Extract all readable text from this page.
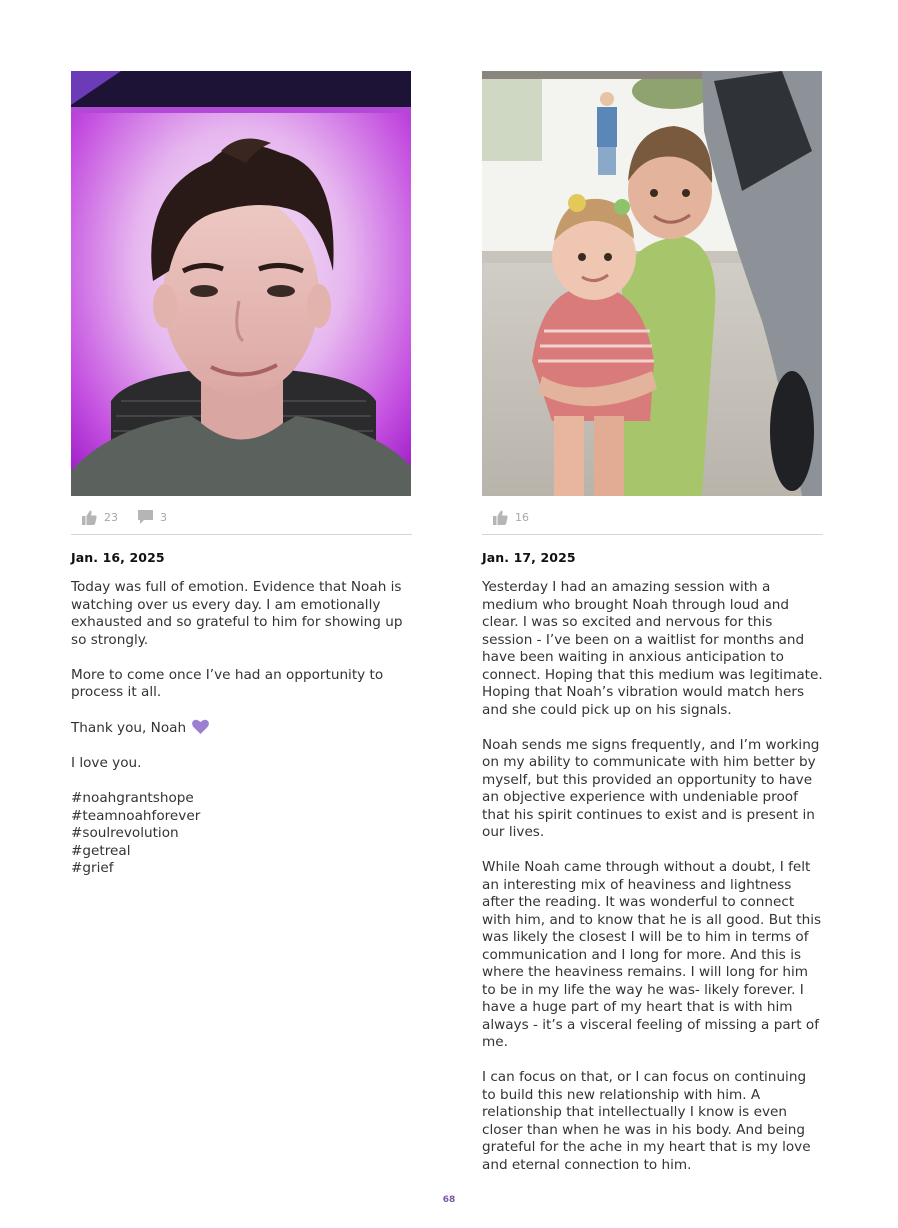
23	3
Jan. 16, 2025

Today was full of emotion. Evidence that Noah is watching over us every day. I am emotionally exhausted and so grateful to him for showing up so strongly.

More to come once I’ve had an opportunity to process it all.

Thank you, Noah

I love you.

#noahgrantshope
#teamnoahforever
#soulrevolution
#getreal
#grief
16
Jan. 17, 2025

Yesterday I had an amazing session with a medium who brought Noah through loud and clear. I was so excited and nervous for this session - I’ve been on a waitlist for months and have been waiting in anxious anticipation to connect. Hoping that this medium was legitimate. Hoping that Noah’s vibration would match hers and she could pick up on his signals.

Noah sends me signs frequently, and I’m working on my ability to communicate with him better by myself, but this provided an opportunity to have an objective experience with undeniable proof that his spirit continues to exist and is present in our lives.

While Noah came through without a doubt, I felt an interesting mix of heaviness and lightness after the reading. It was wonderful to connect with him, and to know that he is all good. But this was likely the closest I will be to him in terms of communication and I long for more. And this is where the heaviness remains. I will long for him to be in my life the way he was- likely forever. I have a huge part of my heart that is with him always - it’s a visceral feeling of missing a part of me.

I can focus on that, or I can focus on continuing to build this new relationship with him. A relationship that intellectually I know is even closer than when he was in his body. And being grateful for the ache in my heart that is my love and eternal connection to him.

68
